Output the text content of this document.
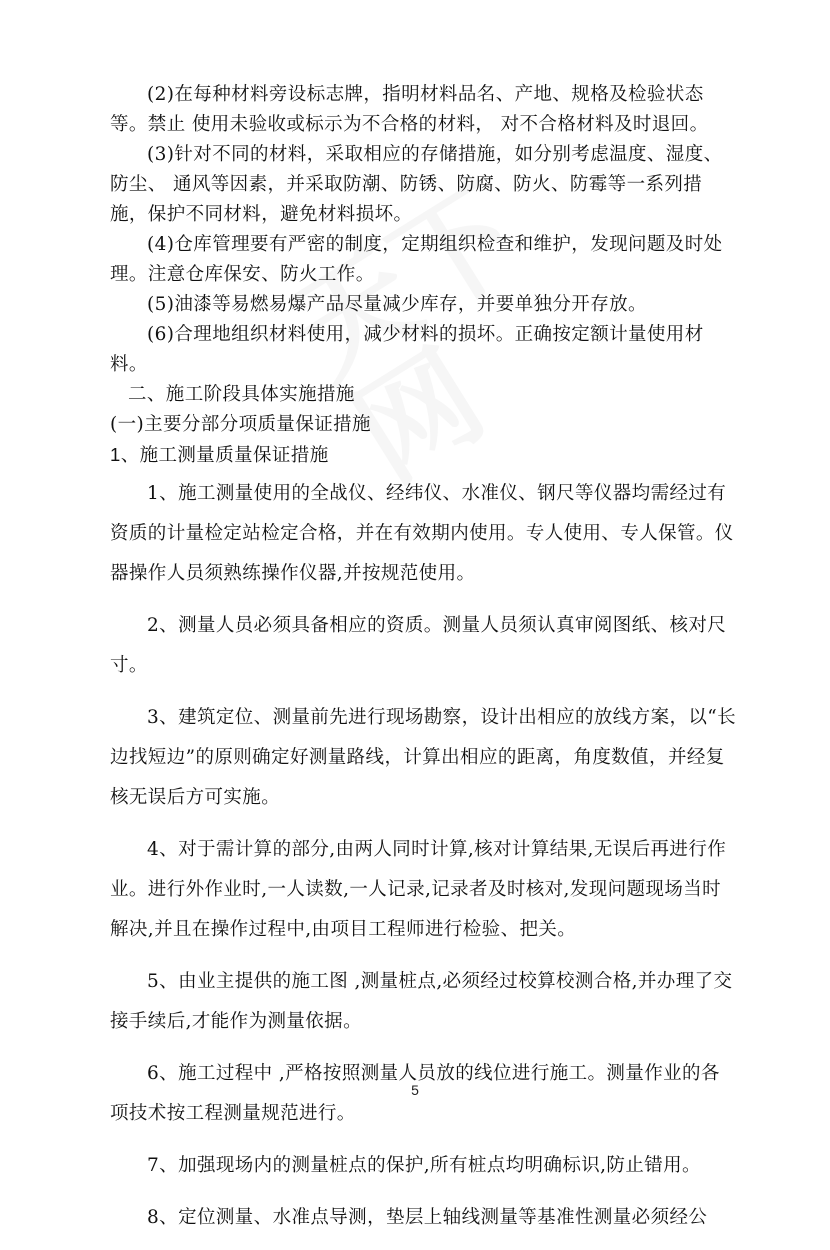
(2)在每种材料旁设标志牌，指明材料品名、产地、规格及检验状态等。禁止 使用未验收或标示为不合格的材料， 对不合格材料及时退回。

(3)针对不同的材料，采取相应的存储措施，如分别考虑温度、湿度、防尘、 通风等因素，并采取防潮、防锈、防腐、防火、防霉等一系列措施，保护不同材料，避免材料损坏。

(4)仓库管理要有严密的制度，定期组织检查和维护，发现问题及时处理。注意仓库保安、防火工作。

(5)油漆等易燃易爆产品尽量减少库存，并要单独分开存放。

(6)合理地组织材料使用，减少材料的损坏。正确按定额计量使用材料。

二、施工阶段具体实施措施

(一)主要分部分项质量保证措施

1、施工测量质量保证措施

1、施工测量使用的全战仪、经纬仪、水准仪、钢尺等仪器均需经过有资质的计量检定站检定合格，并在有效期内使用。专人使用、专人保管。仪器操作人员须熟练操作仪器,并按规范使用。

2、测量人员必须具备相应的资质。测量人员须认真审阅图纸、核对尺寸。

3、建筑定位、测量前先进行现场勘察，设计出相应的放线方案，以“长边找短边”的原则确定好测量路线，计算出相应的距离，角度数值，并经复核无误后方可实施。

4、对于需计算的部分,由两人同时计算,核对计算结果,无误后再进行作业。进行外作业时,一人读数,一人记录,记录者及时核对,发现问题现场当时解决,并且在操作过程中,由项目工程师进行检验、把关。

5、由业主提供的施工图 ,测量桩点,必须经过校算校测合格,并办理了交接手续后,才能作为测量依据。

6、施工过程中 ,严格按照测量人员放的线位进行施工。测量作业的各项技术按工程测量规范进行。

7、加强现场内的测量桩点的保护,所有桩点均明确标识,防止错用。

8、定位测量、水准点导测，垫层上轴线测量等基准性测量必须经公

5
